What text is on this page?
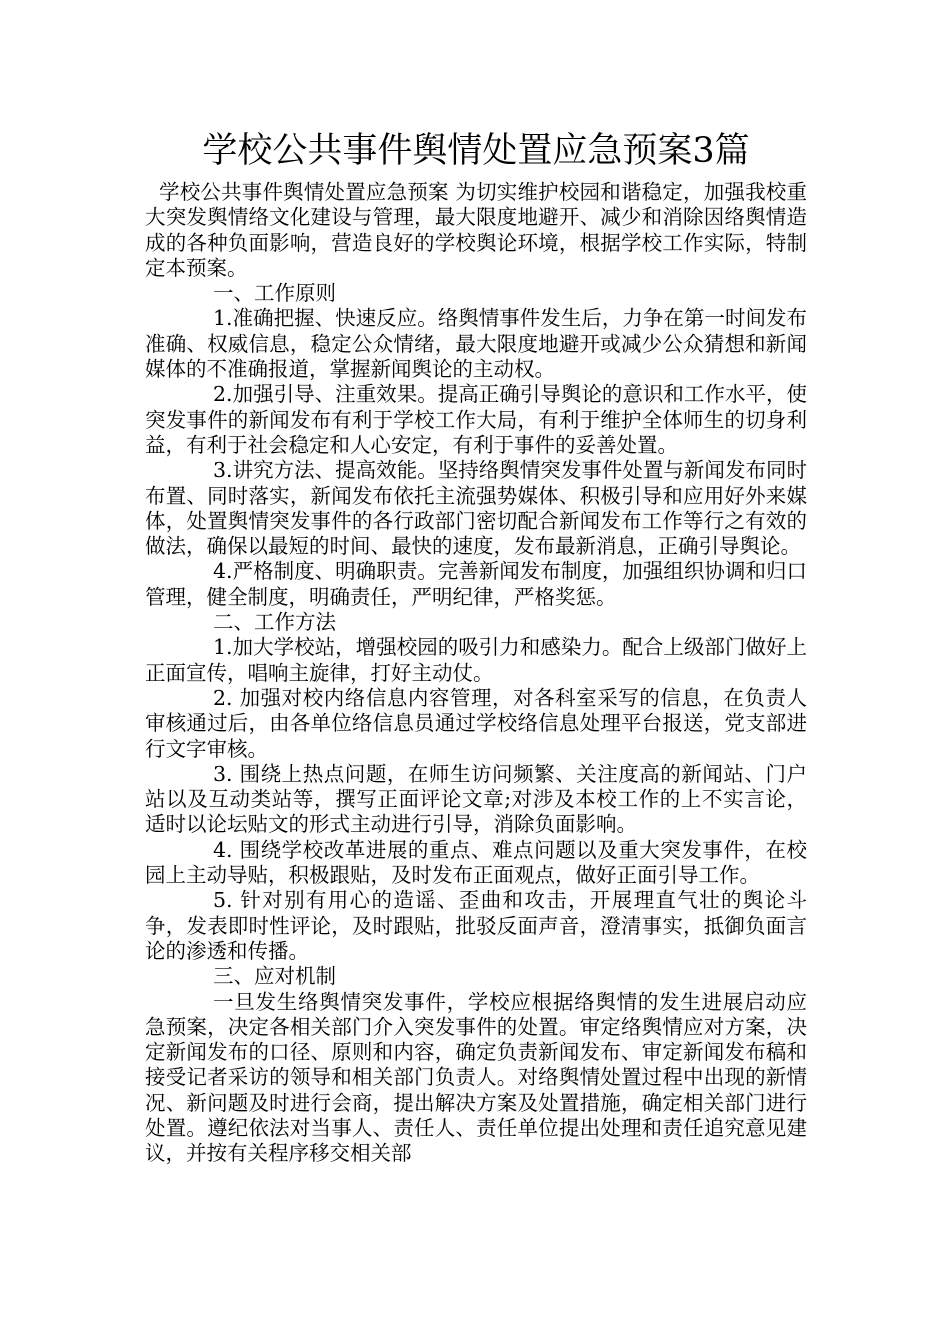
学校公共事件舆情处置应急预案3篇

学校公共事件舆情处置应急预案 为切实维护校园和谐稳定，加强我校重大突发舆情络文化建设与管理，最大限度地避开、减少和消除因络舆情造成的各种负面影响，营造良好的学校舆论环境，根据学校工作实际，特制定本预案。

一、工作原则

1.准确把握、快速反应。络舆情事件发生后，力争在第一时间发布准确、权威信息，稳定公众情绪，最大限度地避开或减少公众猜想和新闻媒体的不准确报道，掌握新闻舆论的主动权。

2.加强引导、注重效果。提高正确引导舆论的意识和工作水平，使突发事件的新闻发布有利于学校工作大局，有利于维护全体师生的切身利益，有利于社会稳定和人心安定，有利于事件的妥善处置。

3.讲究方法、提高效能。坚持络舆情突发事件处置与新闻发布同时布置、同时落实，新闻发布依托主流强势媒体、积极引导和应用好外来媒体，处置舆情突发事件的各行政部门密切配合新闻发布工作等行之有效的做法，确保以最短的时间、最快的速度，发布最新消息，正确引导舆论。

4.严格制度、明确职责。完善新闻发布制度，加强组织协调和归口管理，健全制度，明确责任，严明纪律，严格奖惩。

二、工作方法

1.加大学校站，增强校园的吸引力和感染力。配合上级部门做好上正面宣传，唱响主旋律，打好主动仗。

2. 加强对校内络信息内容管理，对各科室采写的信息，在负责人审核通过后，由各单位络信息员通过学校络信息处理平台报送，党支部进行文字审核。

3. 围绕上热点问题，在师生访问频繁、关注度高的新闻站、门户站以及互动类站等，撰写正面评论文章;对涉及本校工作的上不实言论，适时以论坛贴文的形式主动进行引导，消除负面影响。

4. 围绕学校改革进展的重点、难点问题以及重大突发事件，在校园上主动导贴，积极跟贴，及时发布正面观点，做好正面引导工作。

5. 针对别有用心的造谣、歪曲和攻击，开展理直气壮的舆论斗争，发表即时性评论，及时跟贴，批驳反面声音，澄清事实，抵御负面言论的渗透和传播。

三、应对机制

一旦发生络舆情突发事件，学校应根据络舆情的发生进展启动应急预案，决定各相关部门介入突发事件的处置。审定络舆情应对方案，决定新闻发布的口径、原则和内容，确定负责新闻发布、审定新闻发布稿和接受记者采访的领导和相关部门负责人。对络舆情处置过程中出现的新情况、新问题及时进行会商，提出解决方案及处置措施，确定相关部门进行处置。遵纪依法对当事人、责任人、责任单位提出处理和责任追究意见建议，并按有关程序移交相关部
